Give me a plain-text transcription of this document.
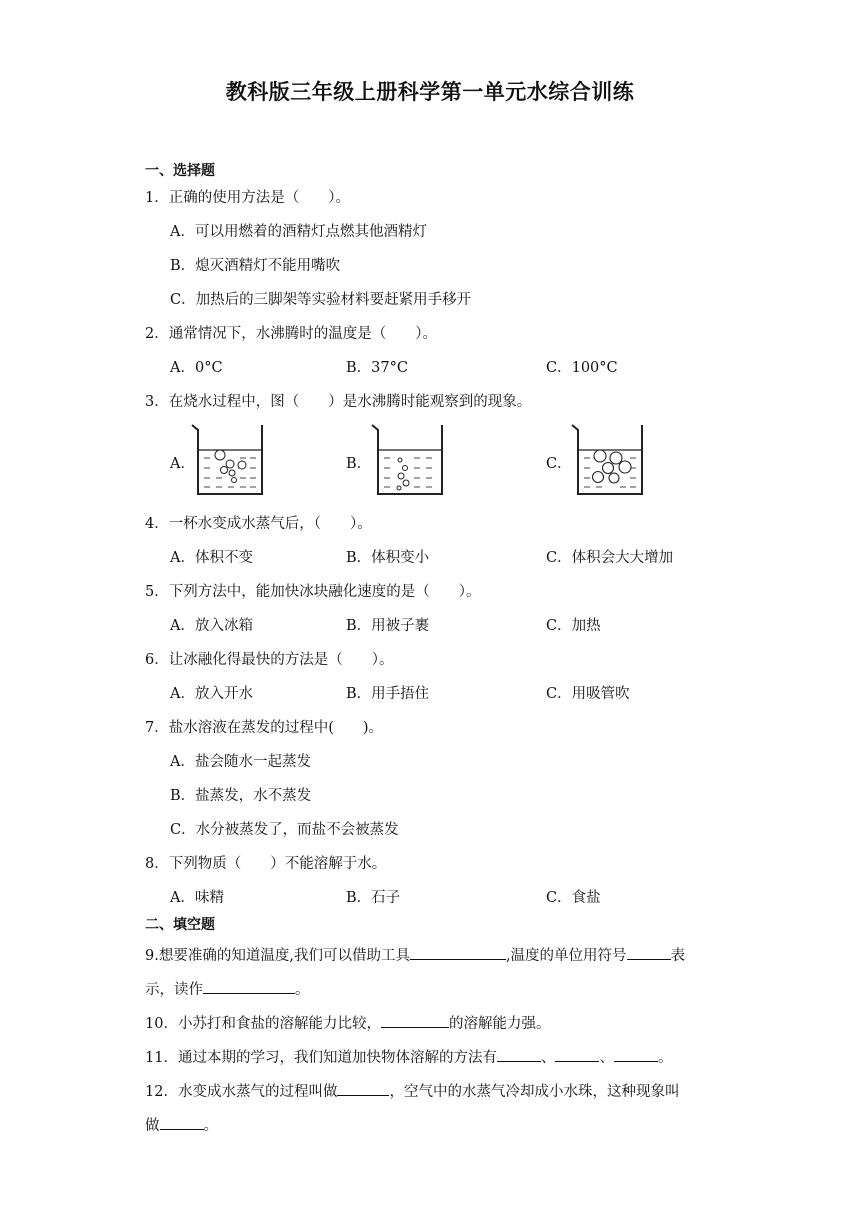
教科版三年级上册科学第一单元水综合训练
一、选择题
1．正确的使用方法是（　　）。
A．可以用燃着的酒精灯点燃其他酒精灯
B．熄灭酒精灯不能用嘴吹
C．加热后的三脚架等实验材料要赶紧用手移开
2．通常情况下，水沸腾时的温度是（　　）。
A．0°C	B．37°C	C．100°C
3．在烧水过程中，图（　　）是水沸腾时能观察到的现象。
A．	B．	C．
4．一杯水变成水蒸气后，（　　）。
A．体积不变	B．体积变小	C．体积会大大增加
5．下列方法中，能加快冰块融化速度的是（　　）。
A．放入冰箱	B．用被子裹	C．加热
6．让冰融化得最快的方法是（　　）。
A．放入开水	B．用手捂住	C．用吸管吹
7．盐水溶液在蒸发的过程中(　　)。
A．盐会随水一起蒸发
B．盐蒸发，水不蒸发
C．水分被蒸发了，而盐不会被蒸发
8．下列物质（　　）不能溶解于水。
A．味精	B．石子	C．食盐
二、填空题
9.想要准确的知道温度,我们可以借助工具	,温度的单位用符号	表
示，读作	。
10．小苏打和食盐的溶解能力比较，	的溶解能力强。
11．通过本期的学习，我们知道加快物体溶解的方法有	、	、	。
12．水变成水蒸气的过程叫做	，空气中的水蒸气冷却成小水珠，这种现象叫
做	。
